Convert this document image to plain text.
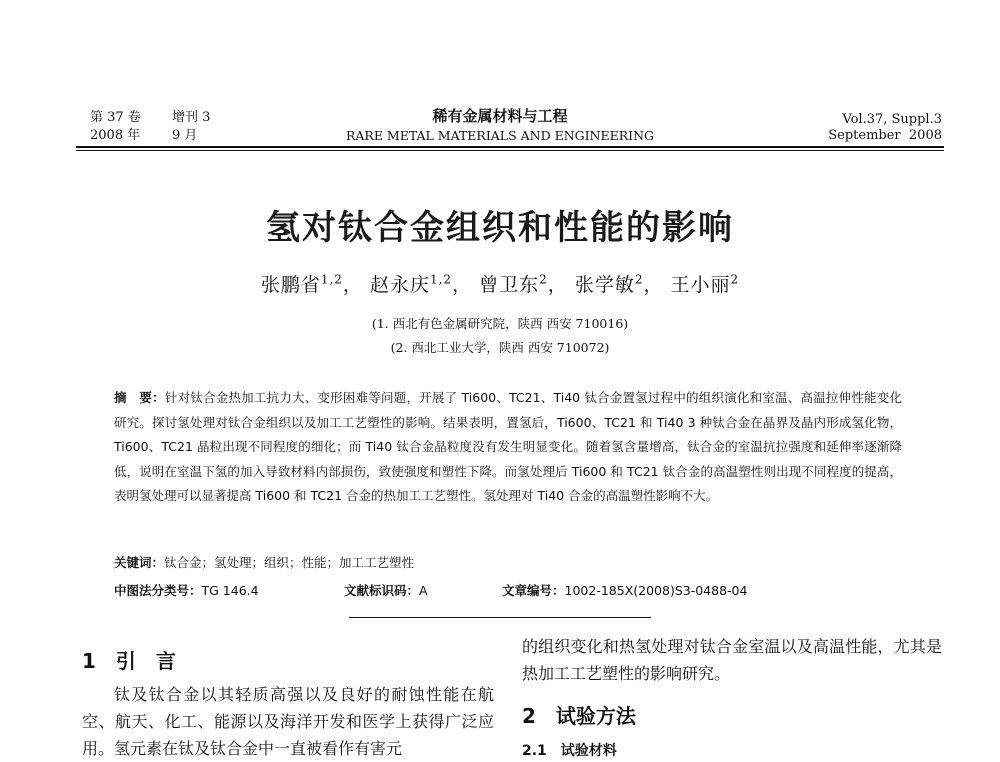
第 37 卷 增刊 3
2008 年 9 月
稀有金属材料与工程
RARE METAL MATERIALS AND ENGINEERING
Vol.37, Suppl.3
September  2008
氢对钛合金组织和性能的影响
张鹏省$^{1,2}$， 赵永庆$^{1,2}$， 曾卫东$^2$， 张学敏$^2$， 王小丽$^2$
(1. 西北有色金属研究院，陕西 西安 710016)
(2. 西北工业大学，陕西 西安 710072)
摘　要：针对钛合金热加工抗力大、变形困难等问题，开展了 Ti600、TC21、Ti40 钛合金置氢过程中的组织演化和室温、高温拉伸性能变化研究。探讨氢处理对钛合金组织以及加工工艺塑性的影响。结果表明，置氢后，Ti600、TC21 和 Ti40 3 种钛合金在晶界及晶内形成氢化物，Ti600、TC21 晶粒出现不同程度的细化；而 Ti40 钛合金晶粒度没有发生明显变化。随着氢含量增高，钛合金的室温抗拉强度和延伸率逐渐降低，说明在室温下氢的加入导致材料内部损伤，致使强度和塑性下降。而氢处理后 Ti600 和 TC21 钛合金的高温塑性则出现不同程度的提高，表明氢处理可以显著提高 Ti600 和 TC21 合金的热加工工艺塑性。氢处理对 Ti40 合金的高温塑性影响不大。
关键词：钛合金；氢处理；组织；性能；加工工艺塑性
中图法分类号：TG 146.4	文献标识码：A	文章编号：1002-185X(2008)S3-0488-04
1　引　言
钛及钛合金以其轻质高强以及良好的耐蚀性能在航空、航天、化工、能源以及海洋开发和医学上获得广泛应用。氢元素在钛及钛合金中一直被看作有害元
的组织变化和热氢处理对钛合金室温以及高温性能，尤其是热加工工艺塑性的影响研究。
2　试验方法
2.1　试验材料
